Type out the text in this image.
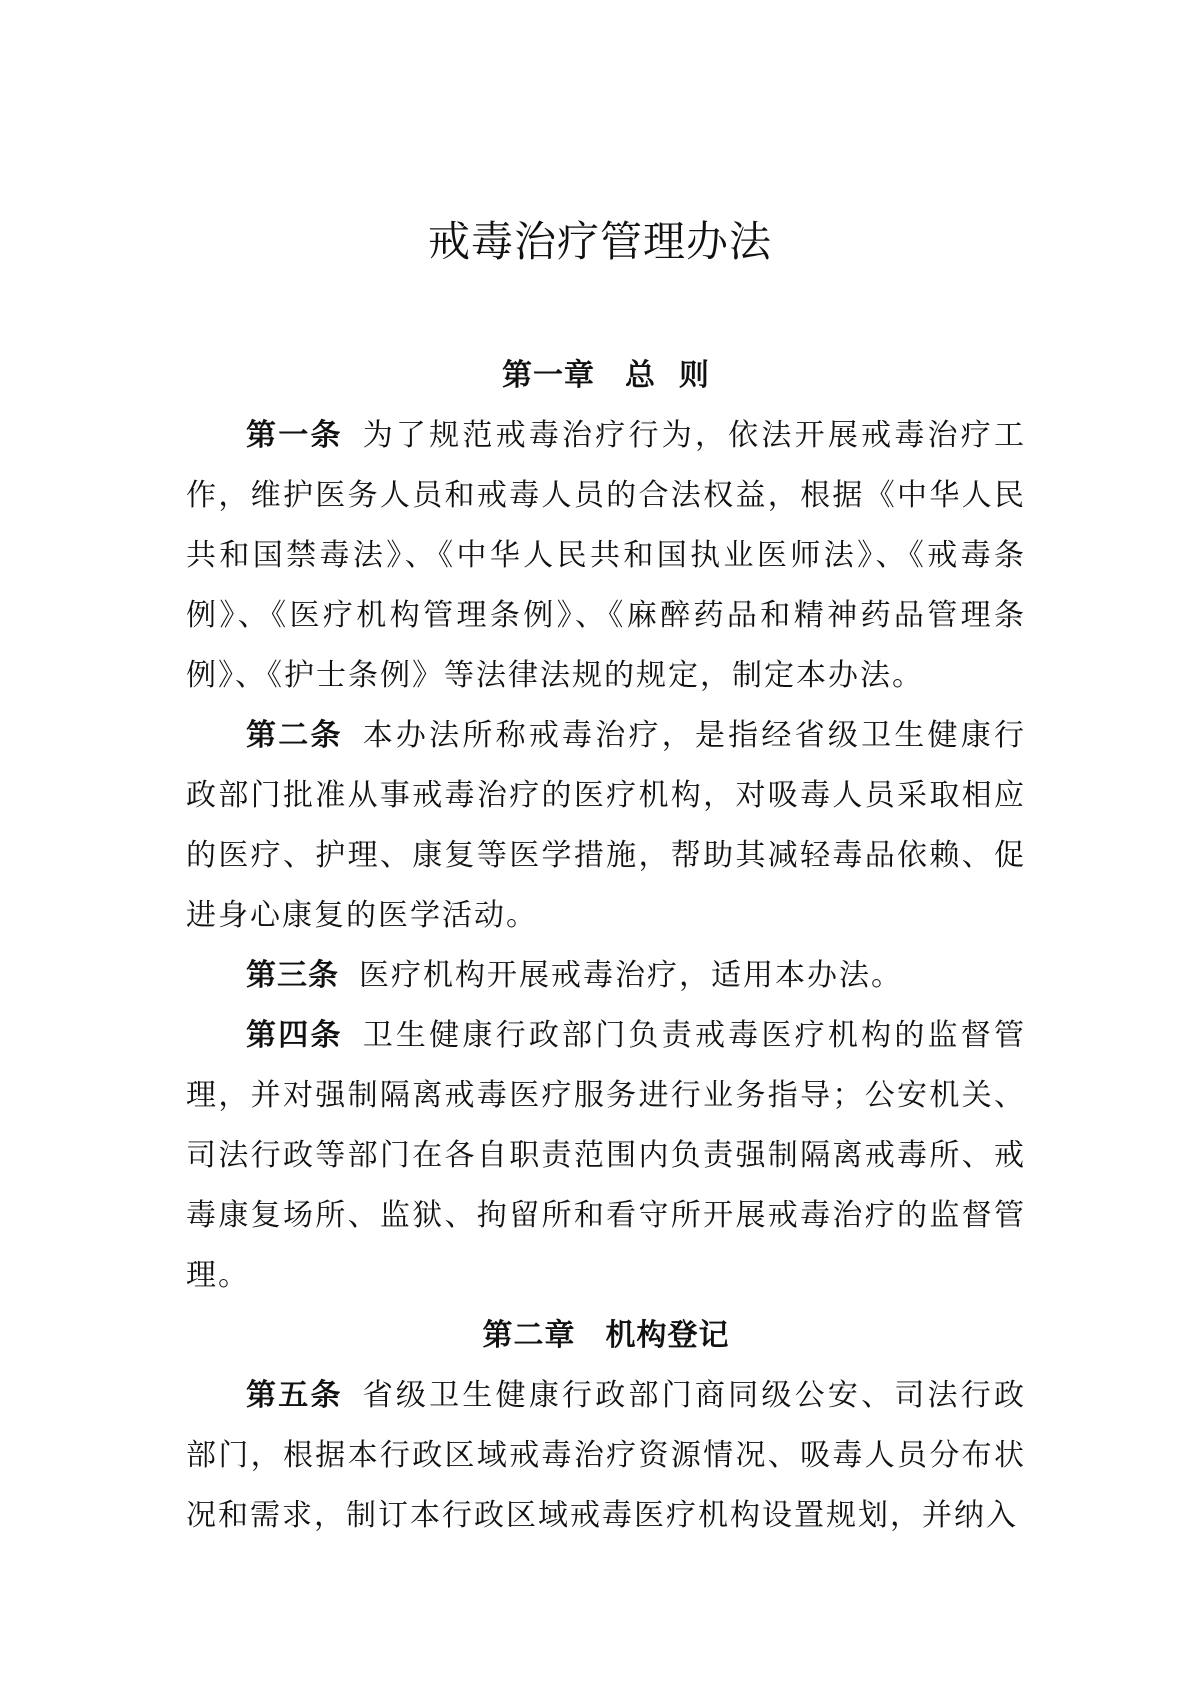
戒毒治疗管理办法

第一章 总  则

第一条 为了规范戒毒治疗行为，依法开展戒毒治疗工作，维护医务人员和戒毒人员的合法权益，根据《中华人民共和国禁毒法》、《中华人民共和国执业医师法》、《戒毒条例》、《医疗机构管理条例》、《麻醉药品和精神药品管理条例》、《护士条例》等法律法规的规定，制定本办法。

第二条 本办法所称戒毒治疗，是指经省级卫生健康行政部门批准从事戒毒治疗的医疗机构，对吸毒人员采取相应的医疗、护理、康复等医学措施，帮助其减轻毒品依赖、促进身心康复的医学活动。

第三条 医疗机构开展戒毒治疗，适用本办法。

第四条 卫生健康行政部门负责戒毒医疗机构的监督管理，并对强制隔离戒毒医疗服务进行业务指导；公安机关、司法行政等部门在各自职责范围内负责强制隔离戒毒所、戒毒康复场所、监狱、拘留所和看守所开展戒毒治疗的监督管理。

第二章 机构登记

第五条 省级卫生健康行政部门商同级公安、司法行政部门，根据本行政区域戒毒治疗资源情况、吸毒人员分布状况和需求，制订本行政区域戒毒医疗机构设置规划，并纳入
